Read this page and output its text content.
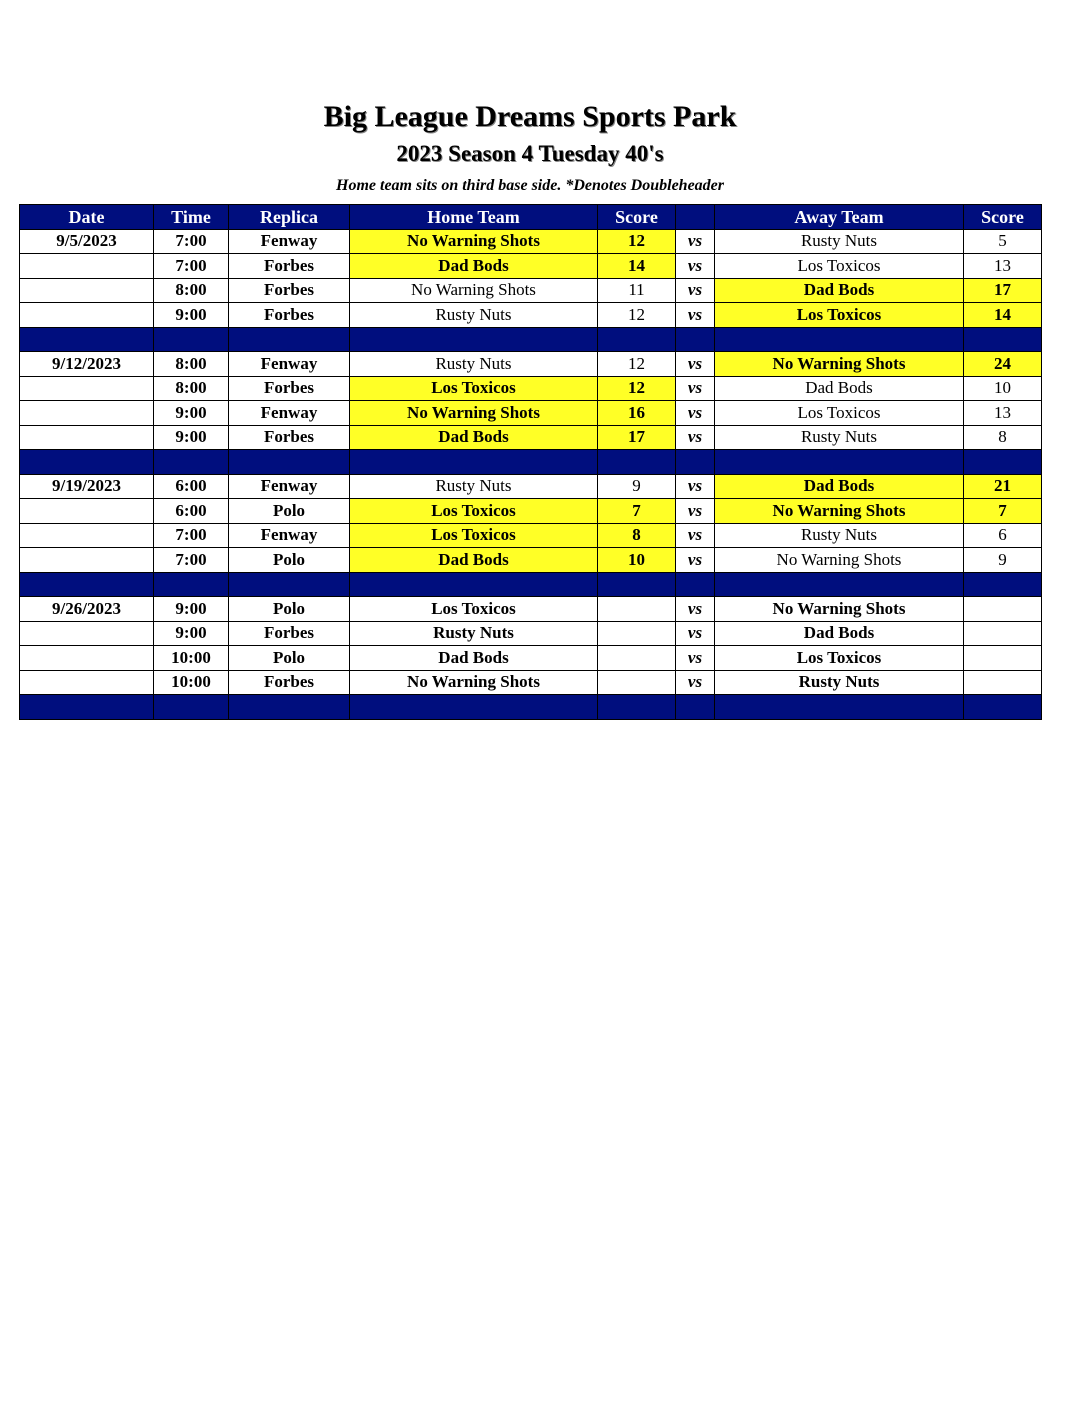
Big League Dreams Sports Park
2023 Season 4 Tuesday 40's
Home team sits on third base side. *Denotes Doubleheader
Date	Time	Replica	Home Team	Score		Away Team	Score
9/5/2023	7:00	Fenway	No Warning Shots	12	vs	Rusty Nuts	5
	7:00	Forbes	Dad Bods	14	vs	Los Toxicos	13
	8:00	Forbes	No Warning Shots	11	vs	Dad Bods	17
	9:00	Forbes	Rusty Nuts	12	vs	Los Toxicos	14

9/12/2023	8:00	Fenway	Rusty Nuts	12	vs	No Warning Shots	24
	8:00	Forbes	Los Toxicos	12	vs	Dad Bods	10
	9:00	Fenway	No Warning Shots	16	vs	Los Toxicos	13
	9:00	Forbes	Dad Bods	17	vs	Rusty Nuts	8

9/19/2023	6:00	Fenway	Rusty Nuts	9	vs	Dad Bods	21
	6:00	Polo	Los Toxicos	7	vs	No Warning Shots	7
	7:00	Fenway	Los Toxicos	8	vs	Rusty Nuts	6
	7:00	Polo	Dad Bods	10	vs	No Warning Shots	9

9/26/2023	9:00	Polo	Los Toxicos		vs	No Warning Shots	
	9:00	Forbes	Rusty Nuts		vs	Dad Bods	
	10:00	Polo	Dad Bods		vs	Los Toxicos	
	10:00	Forbes	No Warning Shots		vs	Rusty Nuts	
